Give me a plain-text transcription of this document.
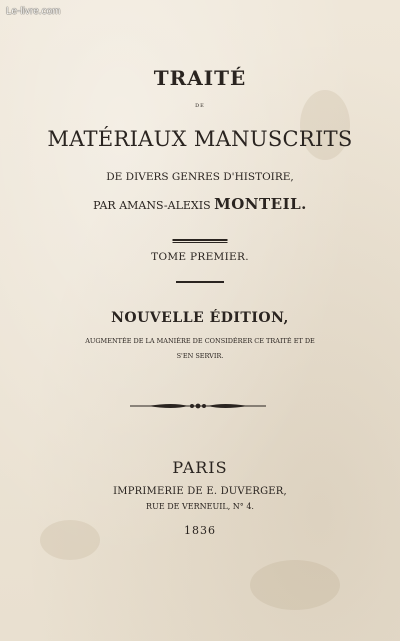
Le-livre.com
TRAITÉ
DE
MATÉRIAUX MANUSCRITS
DE DIVERS GENRES D'HISTOIRE,
PAR AMANS-ALEXIS MONTEIL.
TOME PREMIER.
NOUVELLE ÉDITION,
AUGMENTÉE DE LA MANIÈRE DE CONSIDÉRER CE TRAITÉ ET DE
S'EN SERVIR.
PARIS
IMPRIMERIE DE E. DUVERGER,
RUE DE VERNEUIL, N° 4.
1836
